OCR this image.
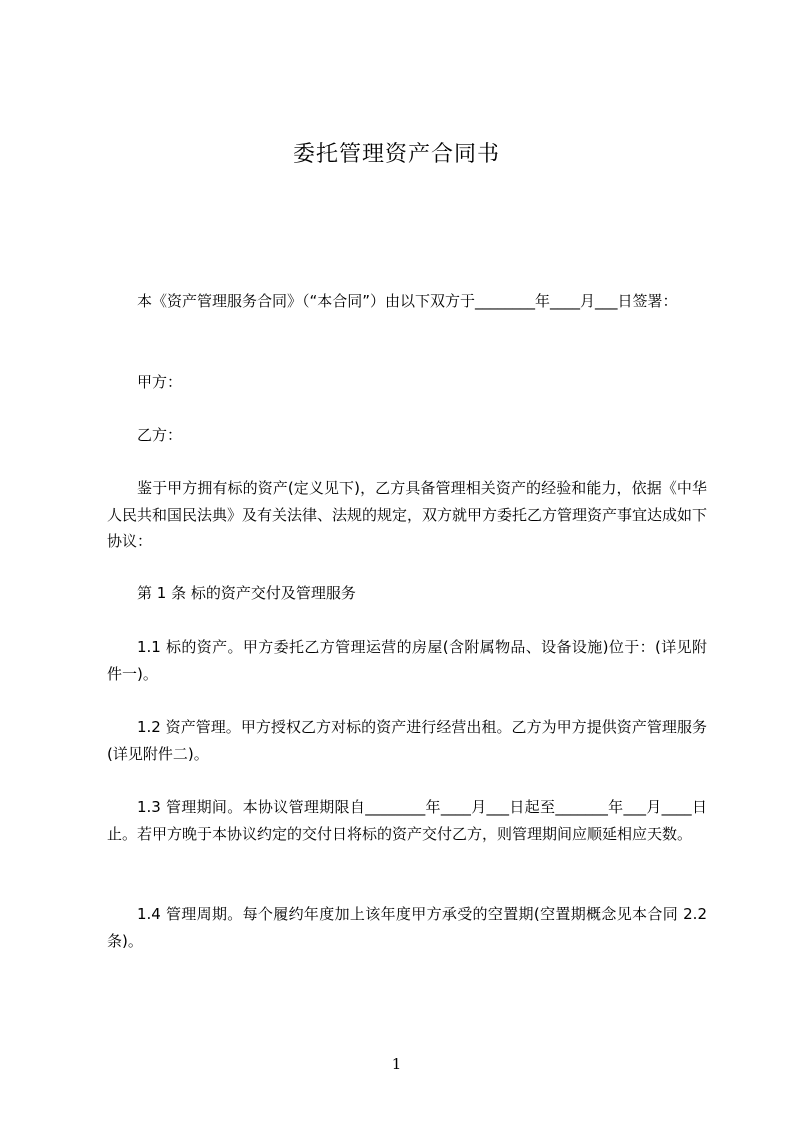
委托管理资产合同书

本《资产管理服务合同》（“本合同”）由以下双方于________年____月___日签署：

甲方：

乙方：

鉴于甲方拥有标的资产(定义见下)，乙方具备管理相关资产的经验和能力，依据《中华人民共和国民法典》及有关法律、法规的规定，双方就甲方委托乙方管理资产事宜达成如下协议：

第 1 条 标的资产交付及管理服务

1.1 标的资产。甲方委托乙方管理运营的房屋(含附属物品、设备设施)位于：(详见附件一)。

1.2 资产管理。甲方授权乙方对标的资产进行经营出租。乙方为甲方提供资产管理服务(详见附件二)。

1.3 管理期间。本协议管理期限自________年____月___日起至_______年___月____日止。若甲方晚于本协议约定的交付日将标的资产交付乙方，则管理期间应顺延相应天数。

1.4 管理周期。每个履约年度加上该年度甲方承受的空置期(空置期概念见本合同 2.2 条)。

1
